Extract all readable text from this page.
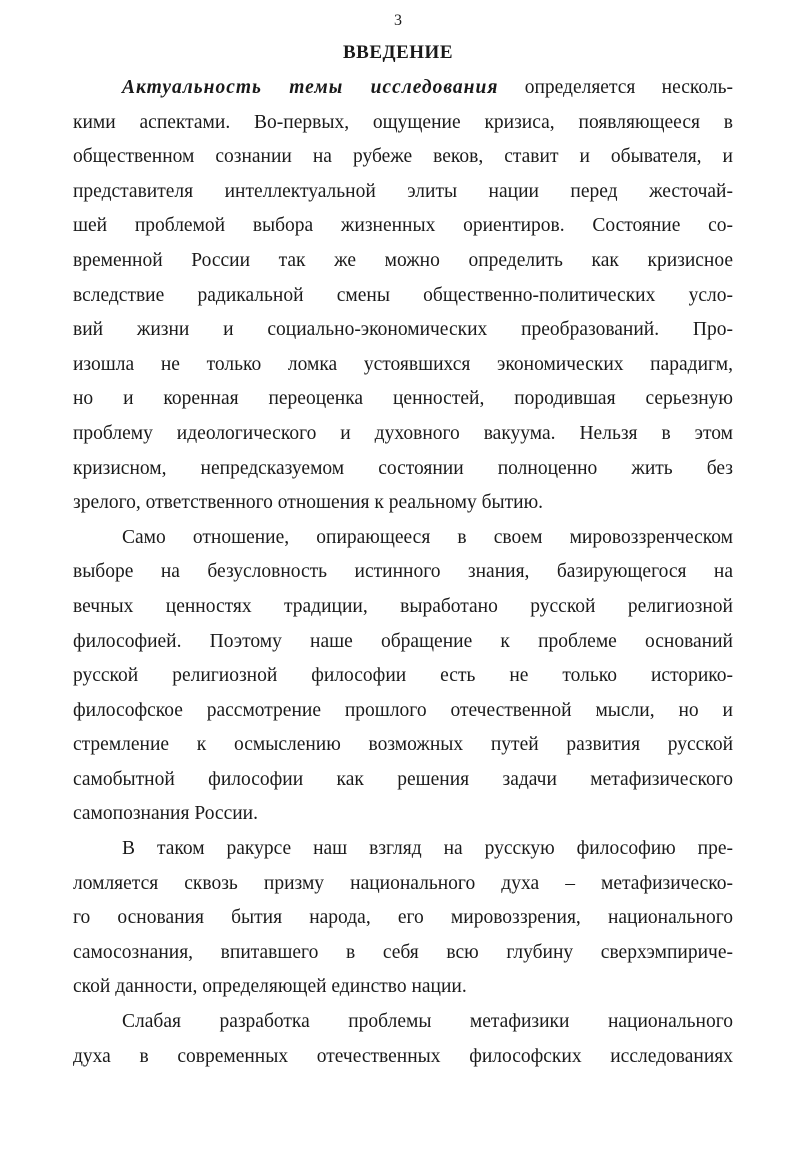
3
ВВЕДЕНИЕ
Актуальность темы исследования определяется несколь-
кими аспектами. Во-первых, ощущение кризиса, появляющееся в
общественном сознании на рубеже веков, ставит и обывателя, и
представителя интеллектуальной элиты нации перед жесточай-
шей проблемой выбора жизненных ориентиров. Состояние со-
временной России так же можно определить как кризисное
вследствие радикальной смены общественно-политических усло-
вий жизни и социально-экономических преобразований. Про-
изошла не только ломка устоявшихся экономических парадигм,
но и коренная переоценка ценностей, породившая серьезную
проблему идеологического и духовного вакуума. Нельзя в этом
кризисном, непредсказуемом состоянии полноценно жить без
зрелого, ответственного отношения к реальному бытию.
Само отношение, опирающееся в своем мировоззренческом
выборе на безусловность истинного знания, базирующегося на
вечных ценностях традиции, выработано русской религиозной
философией. Поэтому наше обращение к проблеме оснований
русской религиозной философии есть не только историко-
философское рассмотрение прошлого отечественной мысли, но и
стремление к осмыслению возможных путей развития русской
самобытной философии как решения задачи метафизического
самопознания России.
В таком ракурсе наш взгляд на русскую философию пре-
ломляется сквозь призму национального духа – метафизическо-
го основания бытия народа, его мировоззрения, национального
самосознания, впитавшего в себя всю глубину сверхэмпириче-
ской данности, определяющей единство нации.
Слабая разработка проблемы метафизики национального
духа в современных отечественных философских исследованиях
